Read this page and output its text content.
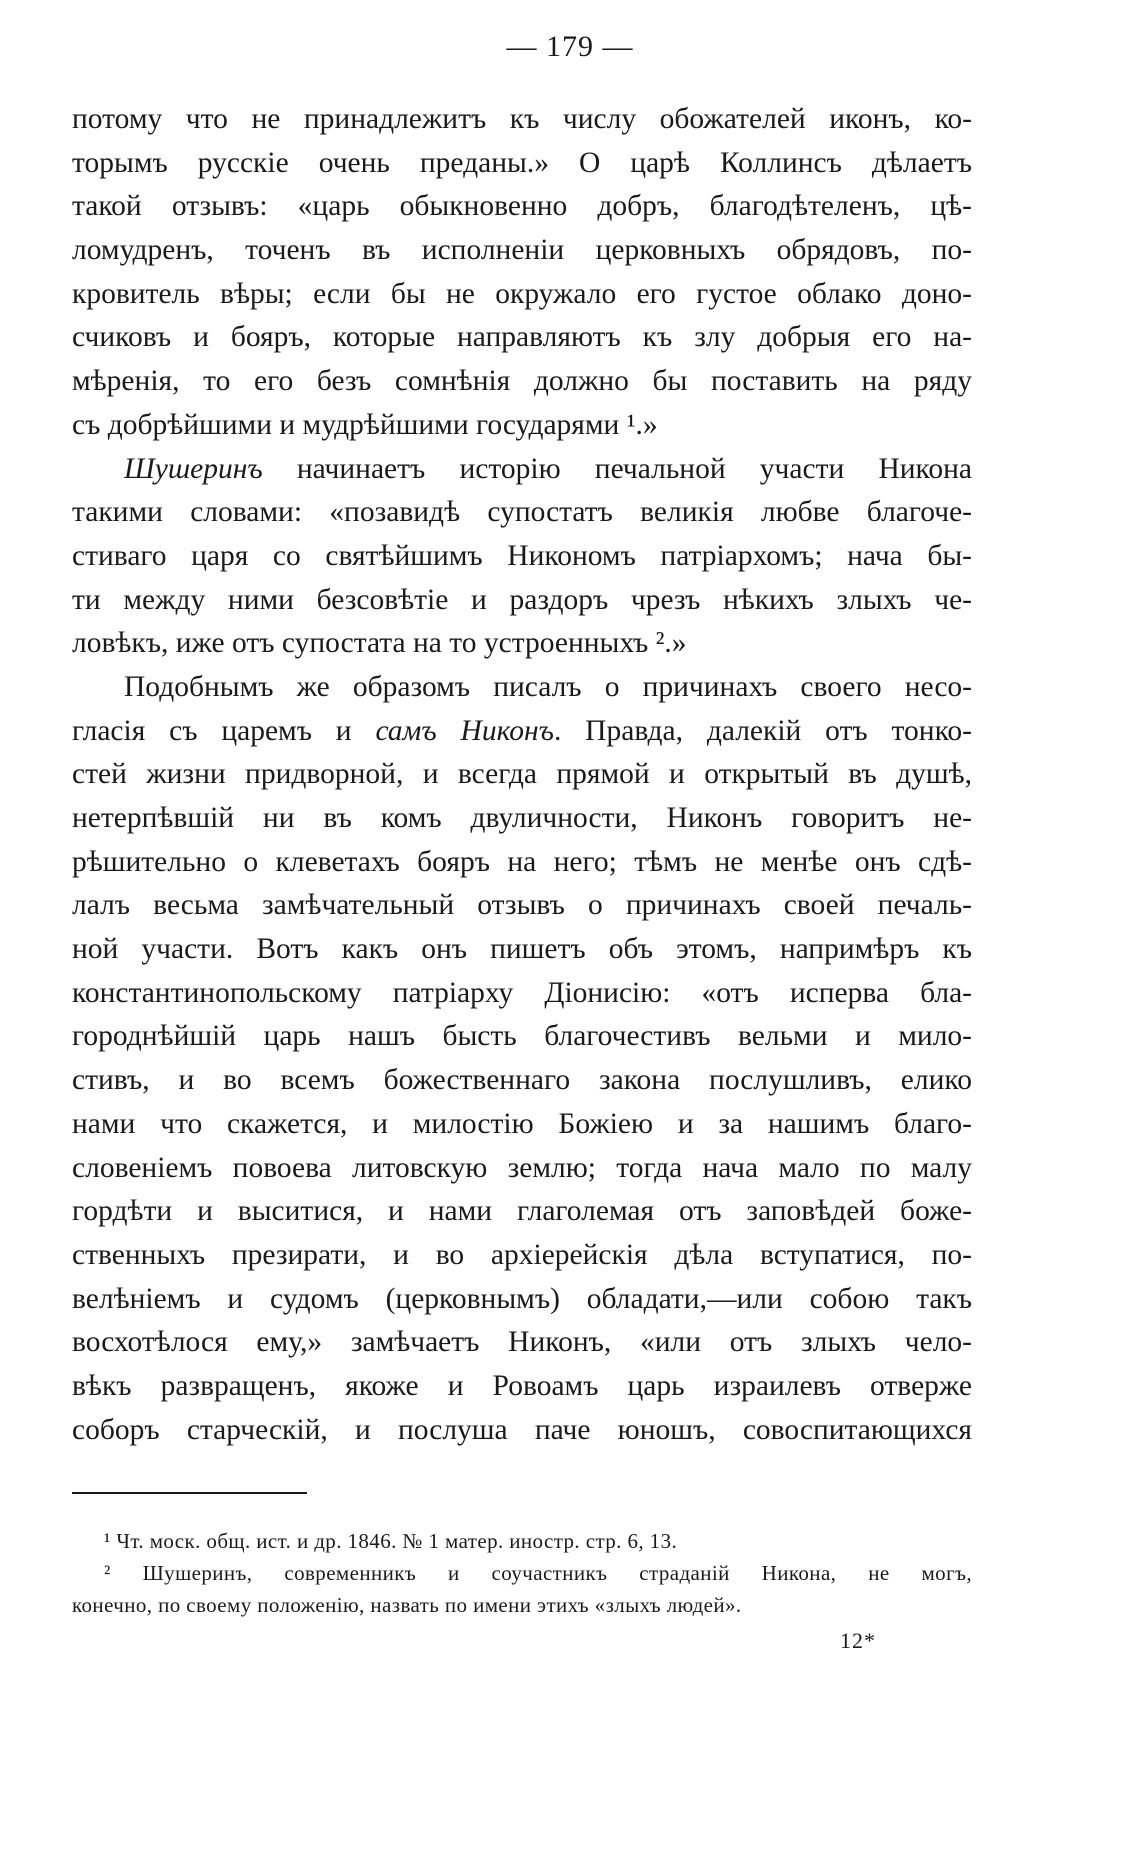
— 179 —
потому что не принадлежитъ къ числу обожателей иконъ, ко-
торымъ русскіе очень преданы.» О царѣ Коллинсъ дѣлаетъ
такой отзывъ: «царь обыкновенно добръ, благодѣтеленъ, цѣ-
ломудренъ, точенъ въ исполненіи церковныхъ обрядовъ, по-
кровитель вѣры; если бы не окружало его густое облако доно-
счиковъ и бояръ, которые направляютъ къ злу добрыя его на-
мѣренія, то его безъ сомнѣнія должно бы поставить на ряду
съ добрѣйшими и мудрѣйшими государями ¹.»
Шушеринъ начинаетъ исторію печальной участи Никона
такими словами: «позавидѣ супостатъ великія любве благоче-
стиваго царя со святѣйшимъ Никономъ патріархомъ; нача бы-
ти между ними безсовѣтіе и раздоръ чрезъ нѣкихъ злыхъ че-
ловѣкъ, иже отъ супостата на то устроенныхъ ².»
Подобнымъ же образомъ писалъ о причинахъ своего несо-
гласія съ царемъ и самъ Никонъ. Правда, далекій отъ тонко-
стей жизни придворной, и всегда прямой и открытый въ душѣ,
нетерпѣвшій ни въ комъ двуличности, Никонъ говоритъ не-
рѣшительно о клеветахъ бояръ на него; тѣмъ не менѣе онъ сдѣ-
лалъ весьма замѣчательный отзывъ о причинахъ своей печаль-
ной участи. Вотъ какъ онъ пишетъ объ этомъ, напримѣръ къ
константинопольскому патріарху Діонисію: «отъ исперва бла-
городнѣйшій царь нашъ бысть благочестивъ вельми и мило-
стивъ, и во всемъ божественнаго закона послушливъ, елико
нами что скажется, и милостію Божіею и за нашимъ благо-
словеніемъ повоева литовскую землю; тогда нача мало по малу
гордѣти и выситися, и нами глаголемая отъ заповѣдей боже-
ственныхъ презирати, и во архіерейскія дѣла вступатися, по-
велѣніемъ и судомъ (церковнымъ) обладати,—или собою такъ
восхотѣлося ему,» замѣчаетъ Никонъ, «или отъ злыхъ чело-
вѣкъ развращенъ, якоже и Ровоамъ царь израилевъ отверже
соборъ старческій, и послуша паче юношъ, совоспитающихся
¹ Чт. моск. общ. ист. и др. 1846. № 1 матер. иностр. стр. 6, 13.
² Шушеринъ, современникъ и соучастникъ страданій Никона, не могъ,
конечно, по своему положенію, назвать по имени этихъ «злыхъ людей».
12*
